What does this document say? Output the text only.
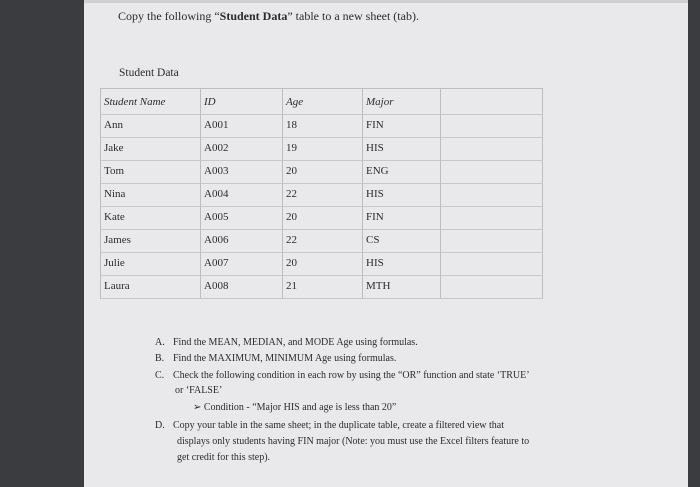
Copy the following “Student Data” table to a new sheet (tab).
Student Data
Student Name	ID	Age	Major
Ann	A001	18	FIN
Jake	A002	19	HIS
Tom	A003	20	ENG
Nina	A004	22	HIS
Kate	A005	20	FIN
James	A006	22	CS
Julie	A007	20	HIS
Laura	A008	21	MTH
A. Find the MEAN, MEDIAN, and MODE Age using formulas.
B. Find the MAXIMUM, MINIMUM Age using formulas.
C. Check the following condition in each row by using the “OR” function and state ‘TRUE’
or ‘FALSE’
➢ Condition - “Major HIS and age is less than 20”
D. Copy your table in the same sheet; in the duplicate table, create a filtered view that
displays only students having FIN major (Note: you must use the Excel filters feature to
get credit for this step).
